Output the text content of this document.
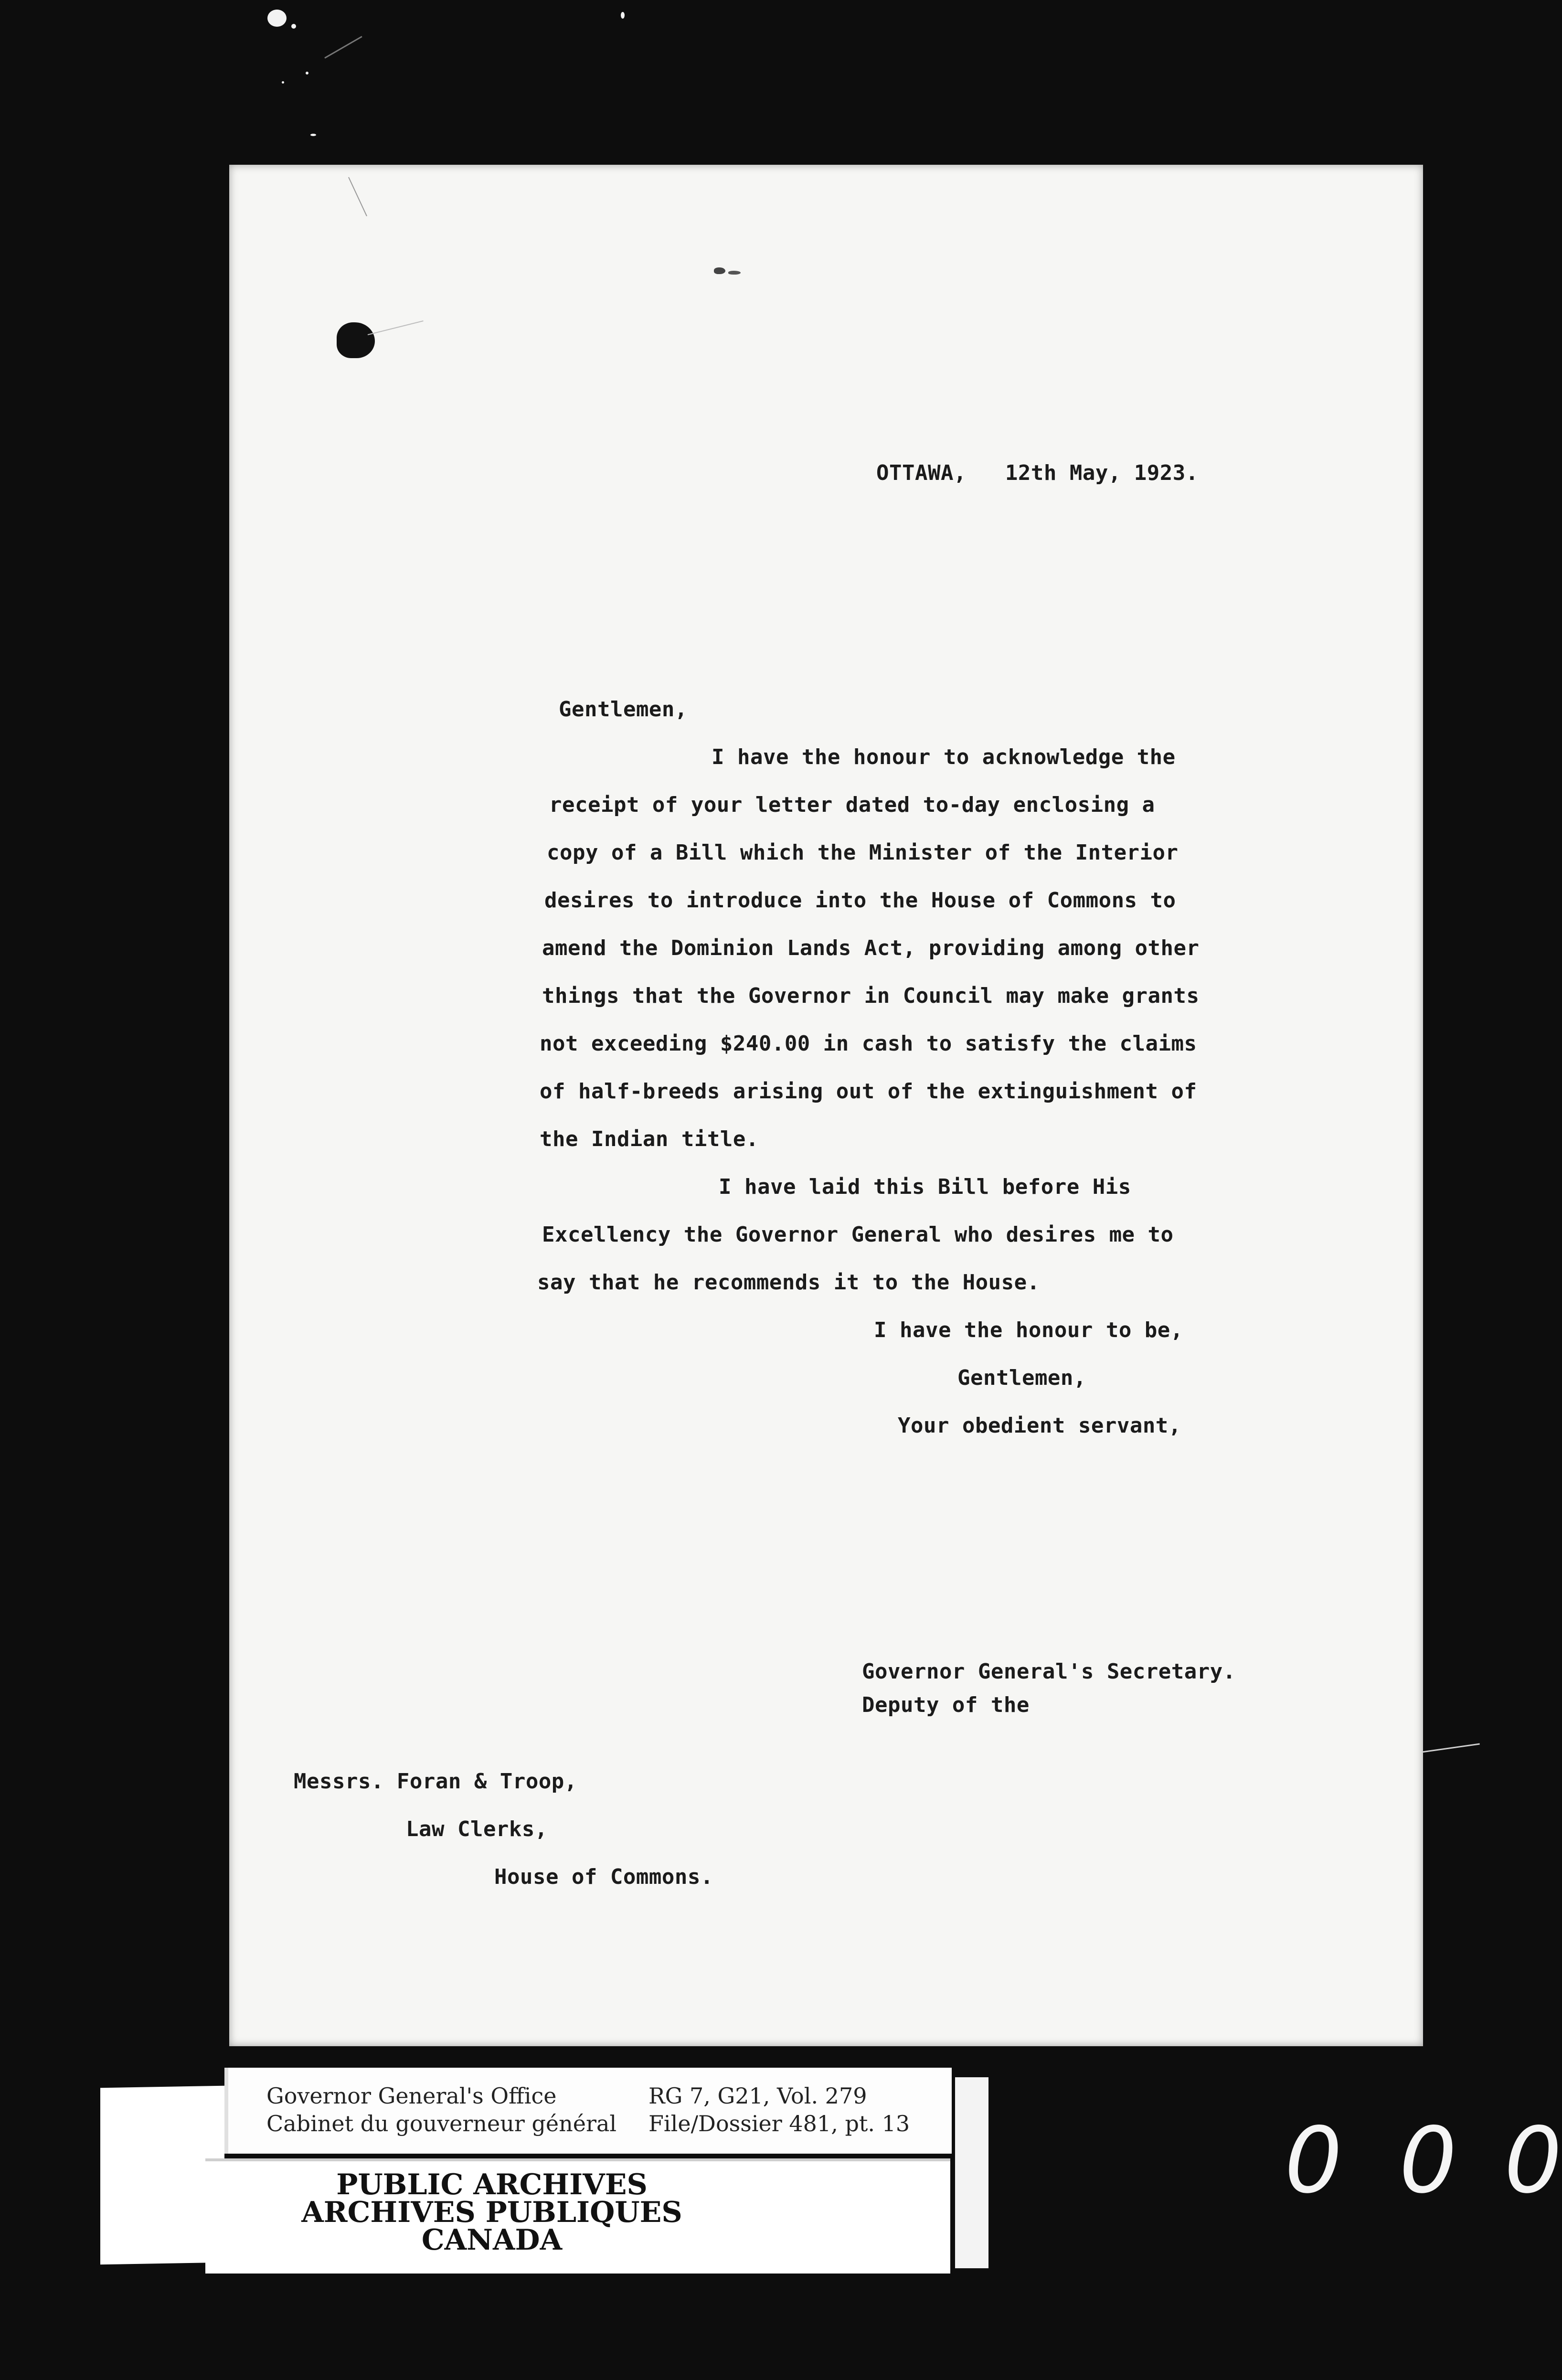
OTTAWA,   12th May, 1923.
Gentlemen,
I have the honour to acknowledge the
receipt of your letter dated to-day enclosing a
copy of a Bill which the Minister of the Interior
desires to introduce into the House of Commons to
amend the Dominion Lands Act, providing among other
things that the Governor in Council may make grants
not exceeding $240.00 in cash to satisfy the claims
of half-breeds arising out of the extinguishment of
the Indian title.
I have laid this Bill before His
Excellency the Governor General who desires me to
say that he recommends it to the House.
I have the honour to be,
Gentlemen,
Your obedient servant,
Governor General's Secretary.
Deputy of the
Messrs. Foran & Troop,
Law Clerks,
House of Commons.
Governor General's Office
Cabinet du gouverneur général
RG 7, G21, Vol. 279
File/Dossier 481, pt. 13
PUBLIC ARCHIVES
ARCHIVES PUBLIQUES
CANADA
0 0 0
